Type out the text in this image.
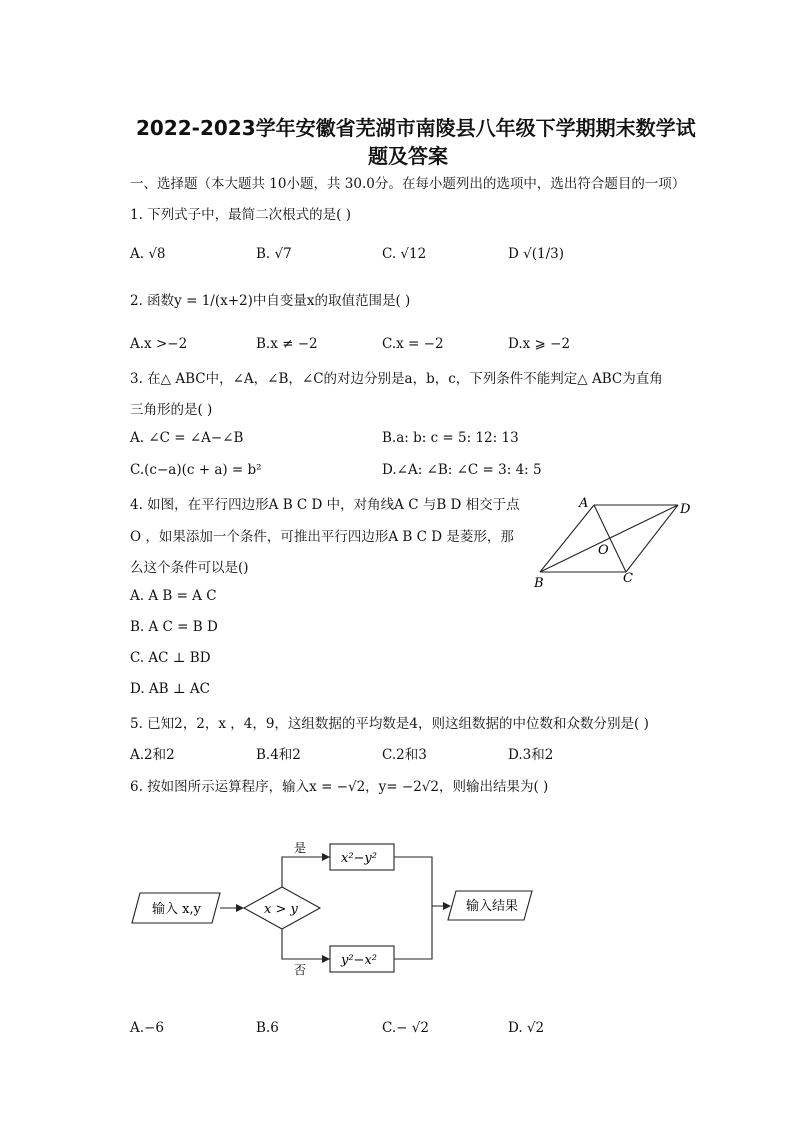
2022-2023学年安徽省芜湖市南陵县八年级下学期期末数学试
题及答案
一、选择题（本大题共 10小题，共 30.0分。在每小题列出的选项中，选出符合题目的一项）
1. 下列式子中，最简二次根式的是( )
A. √8	B. √7	C. √12	D √(1/3)
2. 函数y = 1/(x+2)中自变量x的取值范围是( )
A.x >−2	B.x ≠ −2	C.x = −2	D.x ⩾ −2
3. 在△ ABC中，∠A，∠B，∠C的对边分别是a，b，c，下列条件不能判定△ ABC为直角
三角形的是( )
A. ∠C = ∠A−∠B	B.a: b: c = 5: 12: 13
C.(c−a)(c + a) = b²	D.∠A: ∠B: ∠C = 3: 4: 5
4. 如图，在平行四边形A B C D 中，对角线A C 与B D 相交于点
O ，如果添加一个条件，可推出平行四边形A B C D 是菱形，那
么这个条件可以是()
A. A B = A C
B. A C = B D
C. AC ⊥ BD
D. AB ⊥ AC
A
B	C
D
O
5. 已知2，2，x ，4，9，这组数据的平均数是4，则这组数据的中位数和众数分别是( )
A.2和2	B.4和2	C.2和3	D.3和2
6. 按如图所示运算程序，输入x = −√2，y= −2√2，则输出结果为( )
输入 x,y	x > y
是
否
x²−y²
y²−x²
输入结果
A.−6	B.6	C.− √2	D. √2
